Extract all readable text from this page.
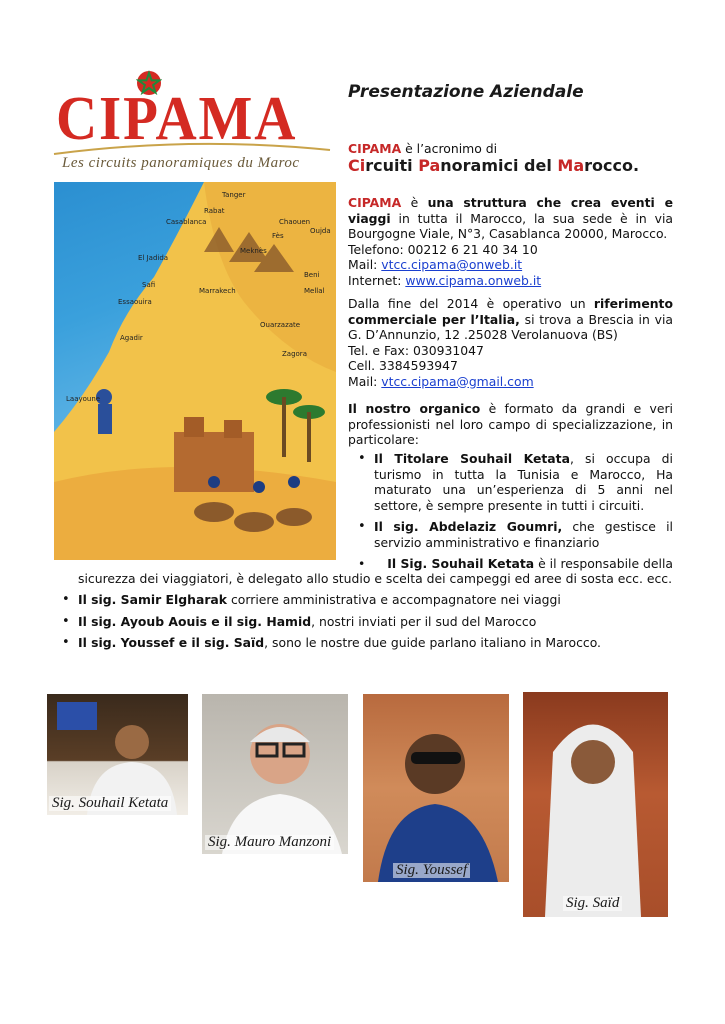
CIPAMA
Les circuits panoramiques du Maroc
Tanger
Rabat
Chaouen
Fès
Oujda
Casablanca
Meknès
El Jadida
Beni Mellal
Safi
Marrakech
Essaouira
Ouarzazate
Agadir
Zagora
Laayoune
Presentazione Aziendale
CIPAMA è l’acronimo di
Circuiti Panoramici del Marocco.
CIPAMA è una struttura che crea eventi e viaggi in tutta il Marocco, la sua sede è in via Bourgogne Viale, N°3, Casablanca 20000, Marocco.
Telefono: 00212 6 21 40 34 10
Mail: vtcc.cipama@onweb.it
Internet: www.cipama.onweb.it
Dalla fine del 2014 è operativo un riferimento commerciale per l’Italia, si trova a Brescia in via G. D’Annunzio, 12 .25028 Verolanuova (BS)
Tel. e Fax: 030931047
Cell. 3384593947
Mail: vtcc.cipama@gmail.com
Il nostro organico è formato da grandi e veri professionisti nel loro campo di specializzazione, in particolare:
• Il Titolare Souhail Ketata, si occupa di turismo in tutta la Tunisia e Marocco, Ha maturato una un’esperienza di 5 anni nel settore, è sempre presente in tutti i circuiti.
• Il sig. Abdelaziz Goumri, che gestisce il servizio amministrativo e finanziario
• Il Sig. Souhail Ketata è il responsabile della
sicurezza dei viaggiatori, è delegato allo studio e scelta dei campeggi ed aree di sosta ecc. ecc.
• Il sig. Samir Elgharak corriere amministrativa e accompagnatore nei viaggi
• Il sig. Ayoub Aouis e il sig. Hamid, nostri inviati per il sud del Marocco
• Il sig. Youssef e il sig. Saïd, sono le nostre due guide parlano italiano in Marocco.
Sig. Souhail Ketata
Sig. Mauro Manzoni
Sig. Youssef
Sig. Saïd
